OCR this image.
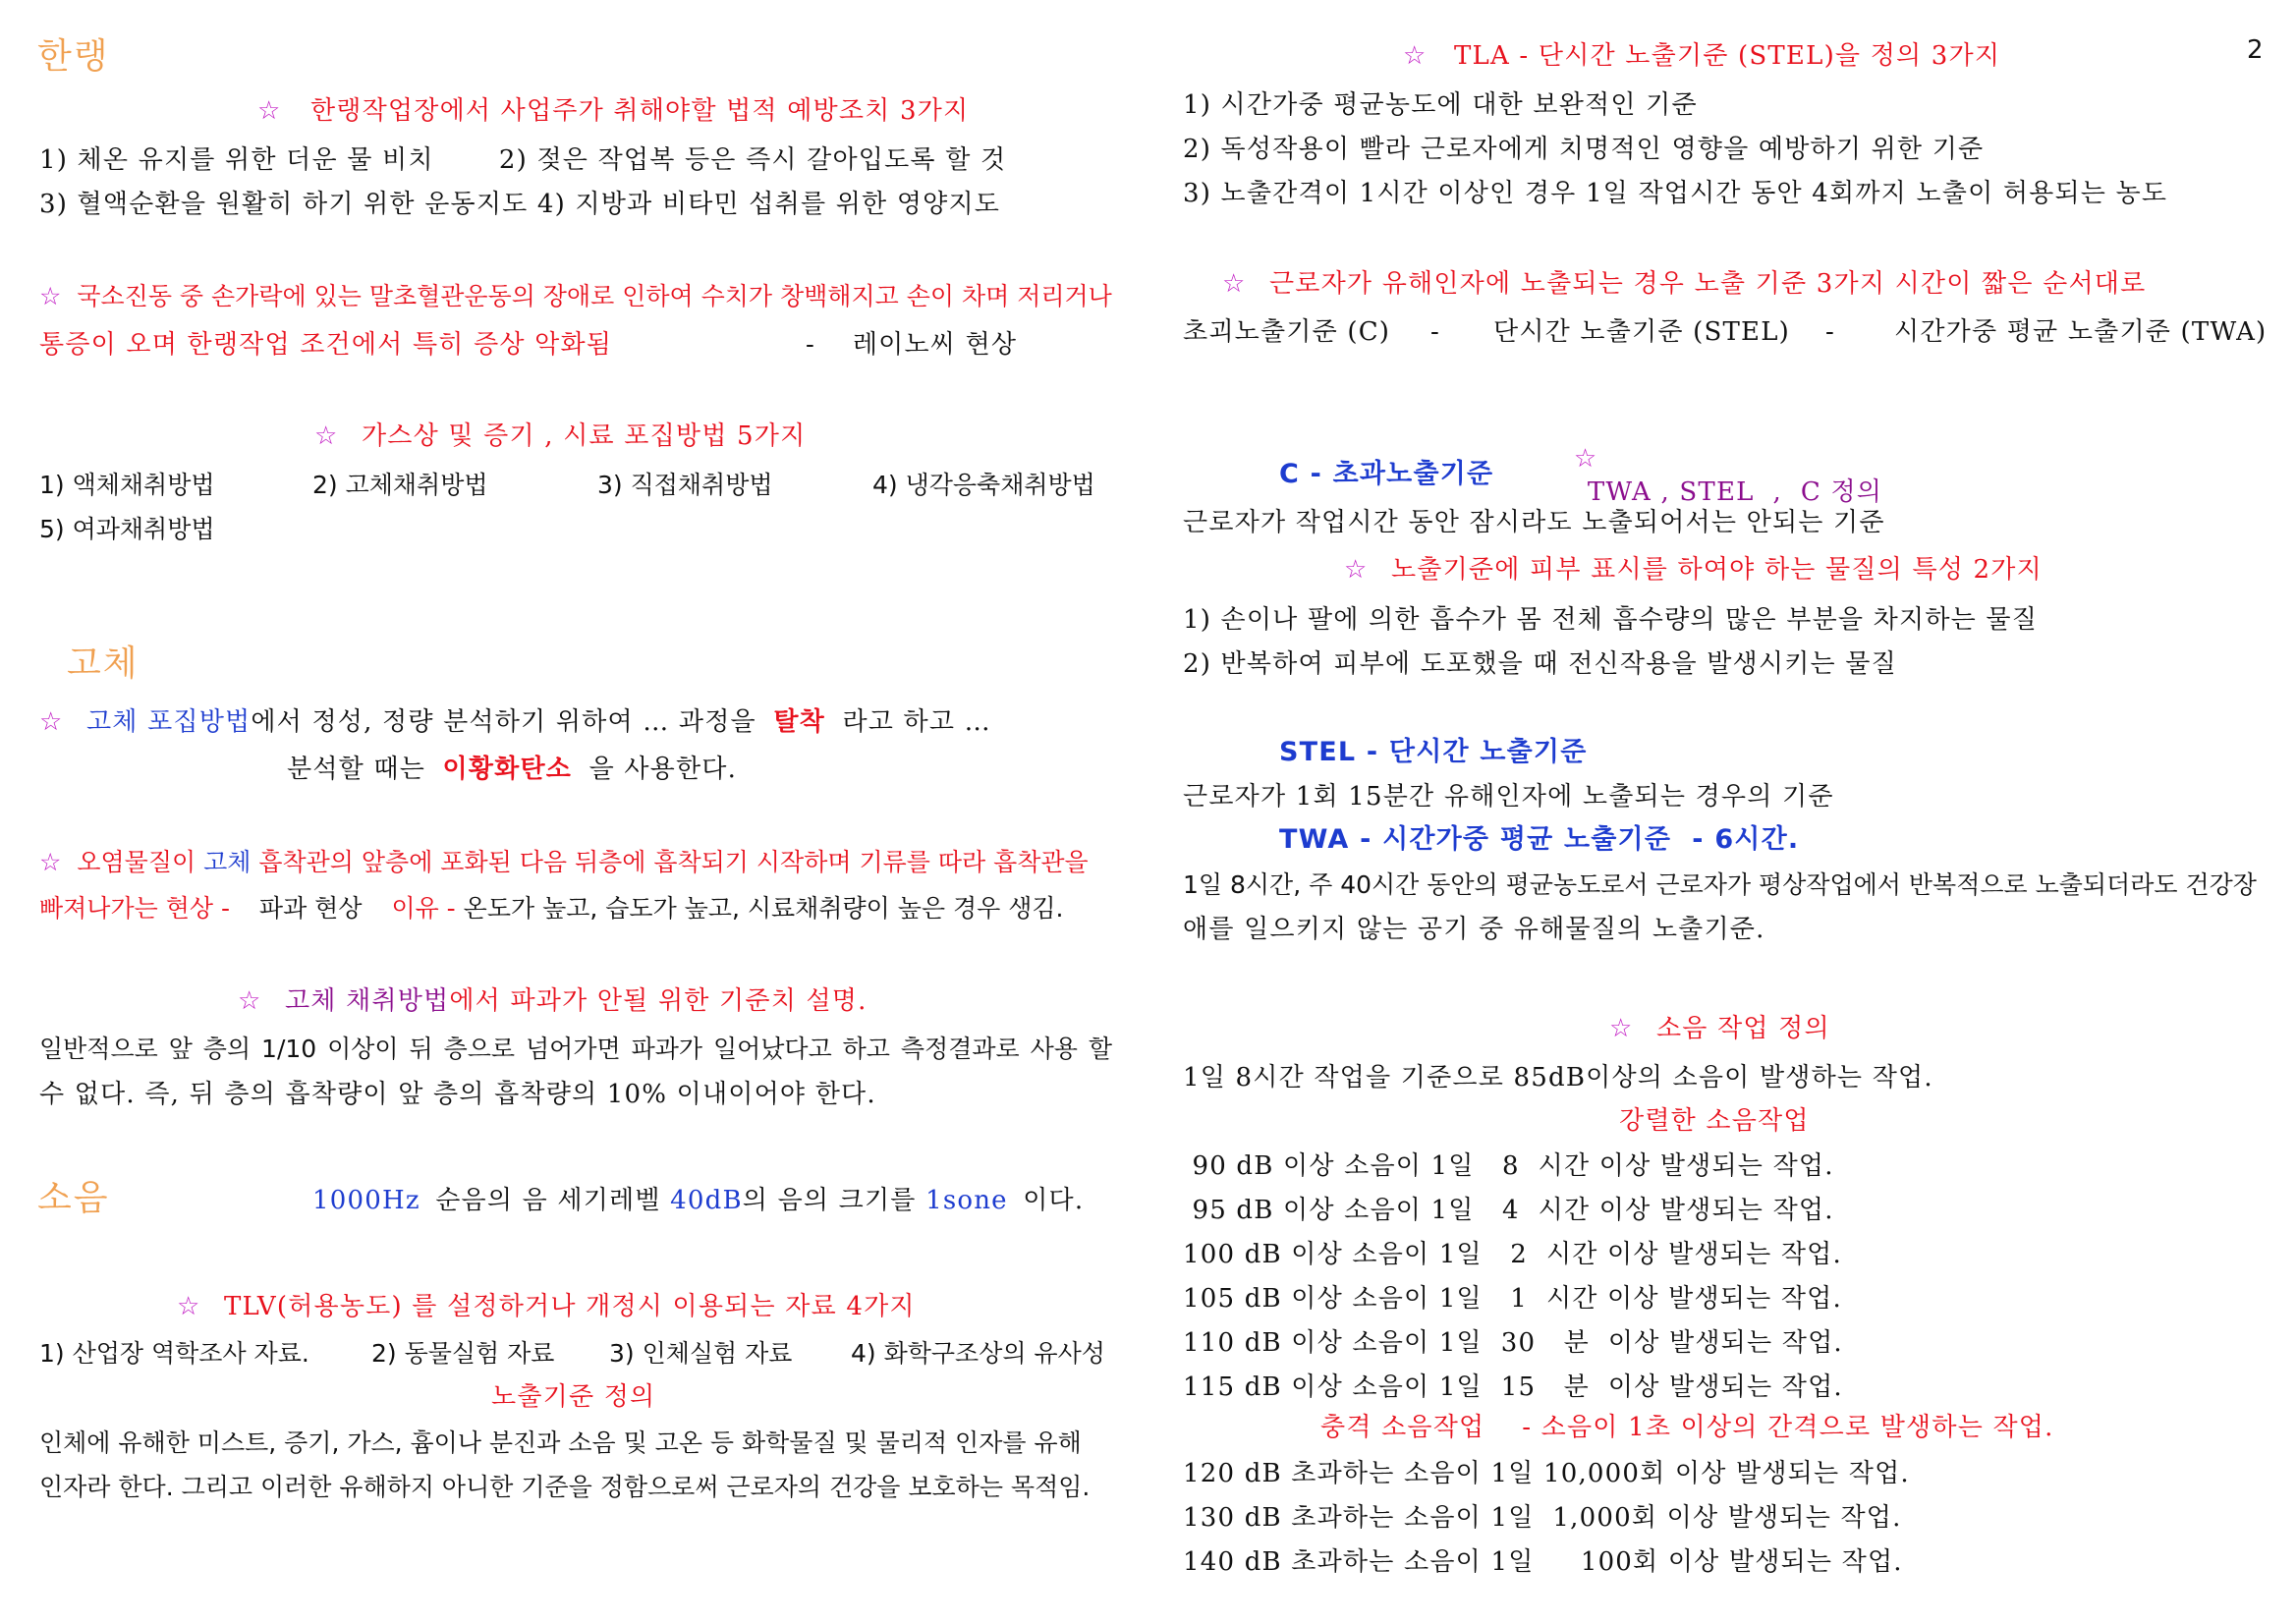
한랭
☆ 한랭작업장에서 사업주가 취해야할 법적 예방조치 3가지
1) 체온 유지를 위한 더운 물 비치       2) 젖은 작업복 등은 즉시 갈아입도록 할 것
3) 혈액순환을 원활히 하기 위한 운동지도 4) 지방과 비타민 섭취를 위한 영양지도
☆ 국소진동 중 손가락에 있는 말초혈관운동의 장애로 인하여 수치가 창백해지고 손이 차며 저리거나
통증이 오며 한랭작업 조건에서 특히 증상 악화됨	-    레이노씨 현상
☆ 가스상 및 증기 , 시료 포집방법 5가지
1) 액체채취방법	2) 고체채취방법	3) 직접채취방법	4) 냉각응축채취방법
5) 여과채취방법
고체
☆ 고체 포집방법에서 정성, 정량 분석하기 위하여 … 과정을 탈착 라고 하고 …
분석할 때는 이황화탄소 을 사용한다.
☆ 오염물질이 고체 흡착관의 앞층에 포화된 다음 뒤층에 흡착되기 시작하며 기류를 따라 흡착관을
빠져나가는 현상 - 파과 현상 이유 - 온도가 높고, 습도가 높고, 시료채취량이 높은 경우 생김.
☆ 고체 채취방법에서 파과가 안될 위한 기준치 설명.
일반적으로 앞 층의 1/10 이상이 뒤 층으로 넘어가면 파과가 일어났다고 하고 측정결과로 사용 할
수 없다. 즉, 뒤 층의 흡착량이 앞 층의 흡착량의 10% 이내이어야 한다.
소음	1000Hz 순음의 음 세기레벨 40dB의 음의 크기를 1sone 이다.
☆ TLV(허용농도) 를 설정하거나 개정시 이용되는 자료 4가지
1) 산업장 역학조사 자료.	2) 동물실험 자료 3) 인체실험 자료 4) 화학구조상의 유사성
노출기준 정의
인체에 유해한 미스트, 증기, 가스, 흄이나 분진과 소음 및 고온 등 화학물질 및 물리적 인자를 유해
인자라 한다. 그리고 이러한 유해하지 아니한 기준을 정함으로써 근로자의 건강을 보호하는 목적임.
2
☆ TLA - 단시간 노출기준 (STEL)을 정의 3가지
1) 시간가중 평균농도에 대한 보완적인 기준
2) 독성작용이 빨라 근로자에게 치명적인 영향을 예방하기 위한 기준
3) 노출간격이 1시간 이상인 경우 1일 작업시간 동안 4회까지 노출이 허용되는 농도
☆ 근로자가 유해인자에 노출되는 경우 노출 기준 3가지 시간이 짧은 순서대로
초괴노출기준 (C) - 단시간 노출기준 (STEL) - 시간가중 평균 노출기준 (TWA)

☆
TWA , STEL  ,  C 정의

C - 초과노출기준
근로자가 작업시간 동안 잠시라도 노출되어서는 안되는 기준
☆ 노출기준에 피부 표시를 하여야 하는 물질의 특성 2가지
1) 손이나 팔에 의한 흡수가 몸 전체 흡수량의 많은 부분을 차지하는 물질
2) 반복하여 피부에 도포했을 때 전신작용을 발생시키는 물질
STEL - 단시간 노출기준
근로자가 1회 15분간 유해인자에 노출되는 경우의 기준
TWA - 시간가중 평균 노출기준  - 6시간.
1일 8시간, 주 40시간 동안의 평균농도로서 근로자가 평상작업에서 반복적으로 노출되더라도 건강장
애를 일으키지 않는 공기 중 유해물질의 노출기준.
☆ 소음 작업 정의
1일 8시간 작업을 기준으로 85dB이상의 소음이 발생하는 작업.
강렬한 소음작업
90 dB 이상 소음이 1일   8  시간 이상 발생되는 작업.
95 dB 이상 소음이 1일   4  시간 이상 발생되는 작업.
100 dB 이상 소음이 1일   2  시간 이상 발생되는 작업.
105 dB 이상 소음이 1일   1  시간 이상 발생되는 작업.
110 dB 이상 소음이 1일  30   분  이상 발생되는 작업.
115 dB 이상 소음이 1일  15   분  이상 발생되는 작업.
충격 소음작업    - 소음이 1초 이상의 간격으로 발생하는 작업.
120 dB 초과하는 소음이 1일 10,000회 이상 발생되는 작업.
130 dB 초과하는 소음이 1일  1,000회 이상 발생되는 작업.
140 dB 초과하는 소음이 1일     100회 이상 발생되는 작업.
